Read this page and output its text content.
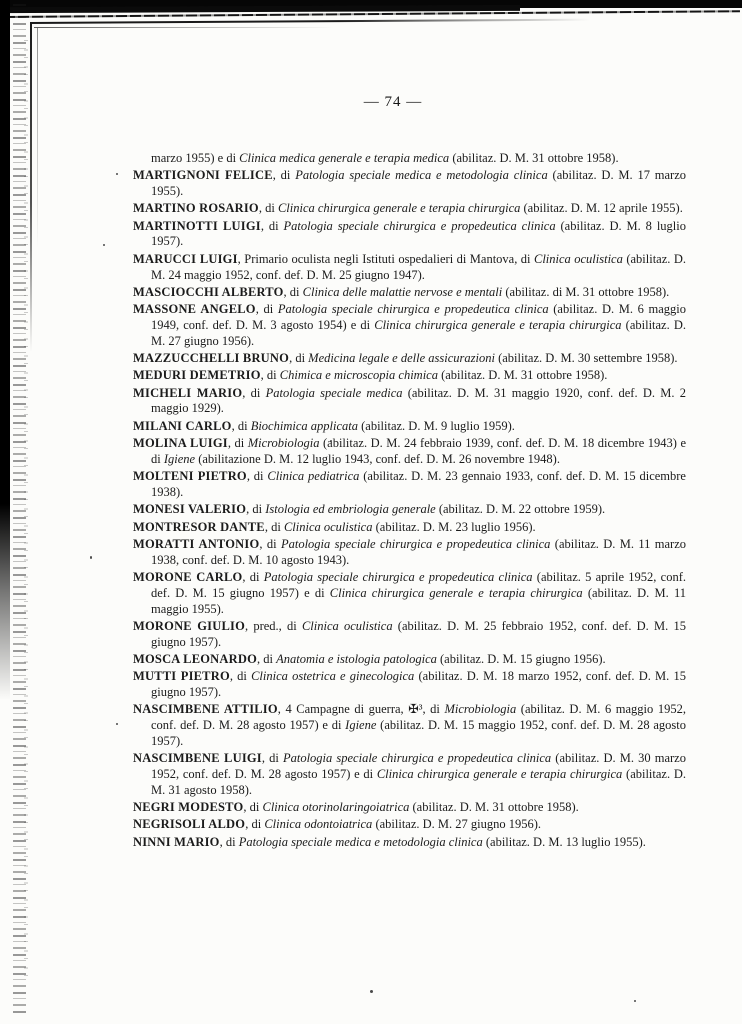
— 74 —

marzo 1955) e di Clinica medica generale e terapia medica (abilitaz. D. M. 31 ottobre 1958).

MARTIGNONI FELICE, di Patologia speciale medica e metodologia clinica (abilitaz. D. M. 17 marzo 1955).

MARTINO ROSARIO, di Clinica chirurgica generale e terapia chirurgica (abilitaz. D. M. 12 aprile 1955).

MARTINOTTI LUIGI, di Patologia speciale chirurgica e propedeutica clinica (abilitaz. D. M. 8 luglio 1957).

MARUCCI LUIGI, Primario oculista negli Istituti ospedalieri di Mantova, di Clinica oculistica (abilitaz. D. M. 24 maggio 1952, conf. def. D. M. 25 giugno 1947).

MASCIOCCHI ALBERTO, di Clinica delle malattie nervose e mentali (abilitaz. di M. 31 ottobre 1958).

MASSONE ANGELO, di Patologia speciale chirurgica e propedeutica clinica (abilitaz. D. M. 6 maggio 1949, conf. def. D. M. 3 agosto 1954) e di Clinica chirurgica generale e terapia chirurgica (abilitaz. D. M. 27 giugno 1956).

MAZZUCCHELLI BRUNO, di Medicina legale e delle assicurazioni (abilitaz. D. M. 30 settembre 1958).

MEDURI DEMETRIO, di Chimica e microscopia chimica (abilitaz. D. M. 31 ottobre 1958).

MICHELI MARIO, di Patologia speciale medica (abilitaz. D. M. 31 maggio 1920, conf. def. D. M. 2 maggio 1929).

MILANI CARLO, di Biochimica applicata (abilitaz. D. M. 9 luglio 1959).

MOLINA LUIGI, di Microbiologia (abilitaz. D. M. 24 febbraio 1939, conf. def. D. M. 18 dicembre 1943) e di Igiene (abilitazione D. M. 12 luglio 1943, conf. def. D. M. 26 novembre 1948).

MOLTENI PIETRO, di Clinica pediatrica (abilitaz. D. M. 23 gennaio 1933, conf. def. D. M. 15 dicembre 1938).

MONESI VALERIO, di Istologia ed embriologia generale (abilitaz. D. M. 22 ottobre 1959).

MONTRESOR DANTE, di Clinica oculistica (abilitaz. D. M. 23 luglio 1956).

MORATTI ANTONIO, di Patologia speciale chirurgica e propedeutica clinica (abilitaz. D. M. 11 marzo 1938, conf. def. D. M. 10 agosto 1943).

MORONE CARLO, di Patologia speciale chirurgica e propedeutica clinica (abilitaz. 5 aprile 1952, conf. def. D. M. 15 giugno 1957) e di Clinica chirurgica generale e terapia chirurgica (abilitaz. D. M. 11 maggio 1955).

MORONE GIULIO, pred., di Clinica oculistica (abilitaz. D. M. 25 febbraio 1952, conf. def. D. M. 15 giugno 1957).

MOSCA LEONARDO, di Anatomia e istologia patologica (abilitaz. D. M. 15 giugno 1956).

MUTTI PIETRO, di Clinica ostetrica e ginecologica (abilitaz. D. M. 18 marzo 1952, conf. def. D. M. 15 giugno 1957).

NASCIMBENE ATTILIO, 4 Campagne di guerra, ✠³, di Microbiologia (abilitaz. D. M. 6 maggio 1952, conf. def. D. M. 28 agosto 1957) e di Igiene (abilitaz. D. M. 15 maggio 1952, conf. def. D. M. 28 agosto 1957).

NASCIMBENE LUIGI, di Patologia speciale chirurgica e propedeutica clinica (abilitaz. D. M. 30 marzo 1952, conf. def. D. M. 28 agosto 1957) e di Clinica chirurgica generale e terapia chirurgica (abilitaz. D. M. 31 agosto 1958).

NEGRI MODESTO, di Clinica otorinolaringoiatrica (abilitaz. D. M. 31 ottobre 1958).

NEGRISOLI ALDO, di Clinica odontoiatrica (abilitaz. D. M. 27 giugno 1956).

NINNI MARIO, di Patologia speciale medica e metodologia clinica (abilitaz. D. M. 13 luglio 1955).
